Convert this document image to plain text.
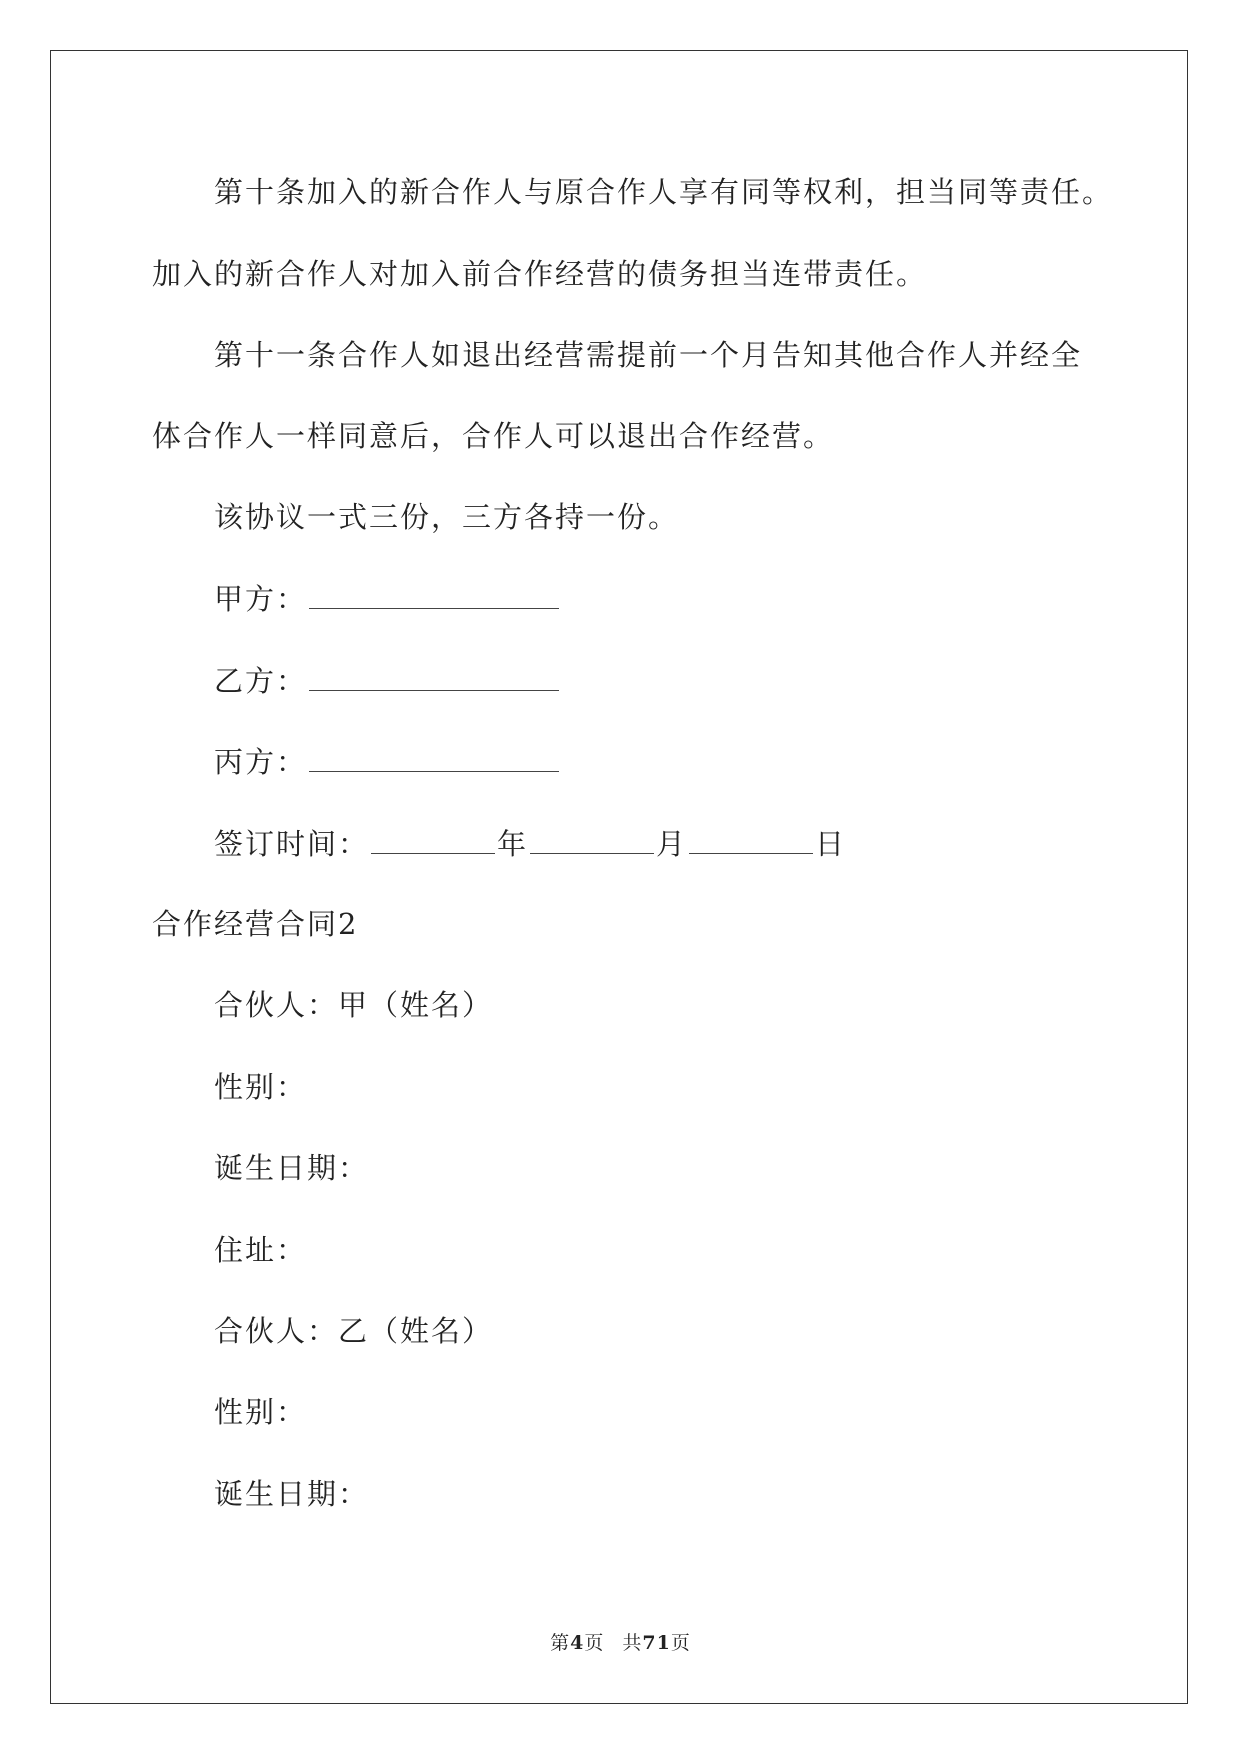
第十条加入的新合作人与原合作人享有同等权利，担当同等责任。
加入的新合作人对加入前合作经营的债务担当连带责任。
第十一条合作人如退出经营需提前一个月告知其他合作人并经全
体合作人一样同意后，合作人可以退出合作经营。
该协议一式三份，三方各持一份。
甲方：
乙方：
丙方：
签订时间：	年	月	日
合作经营合同2
合伙人：甲（姓名）
性别：
诞生日期：
住址：
合伙人：乙（姓名）
性别：
诞生日期：
第4页 共71页
